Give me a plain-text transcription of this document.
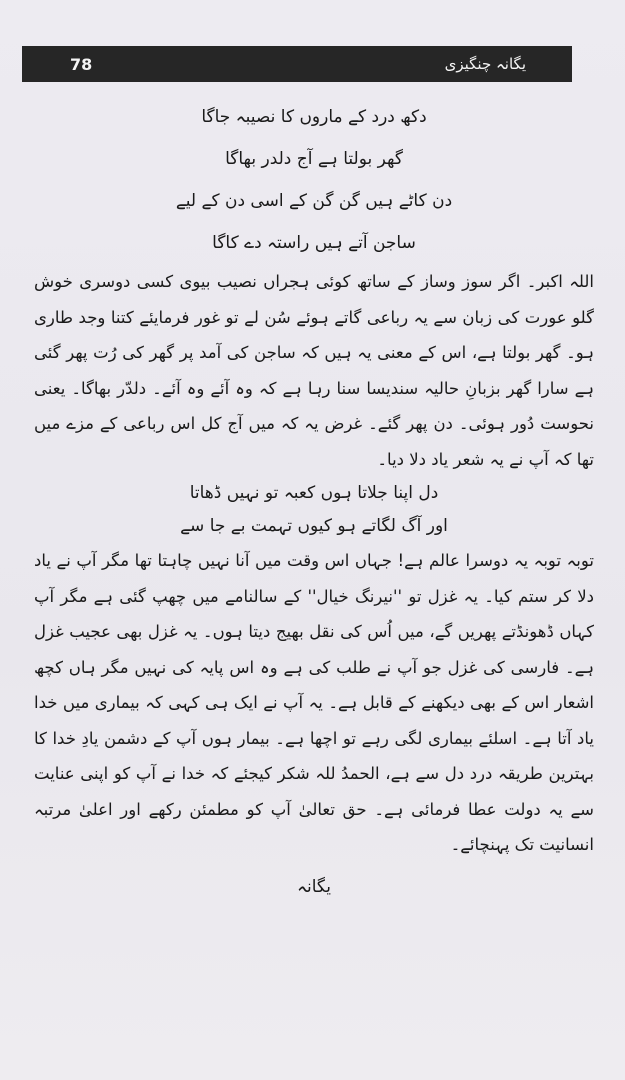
78	یگانہ چنگیزی
دکھ درد کے ماروں کا نصیبہ جاگا
گھر بولتا ہے آج دلدر بھاگا
دن کاٹے ہیں گن گن کے اسی دن کے لیے
ساجن آتے ہیں راستہ دے کاگا

اللہ اکبر۔ اگر سوز وساز کے ساتھ کوئی ہجراں نصیب بیوی کسی دوسری خوش گلو عورت کی زبان سے یہ رباعی گاتے ہوئے سُن لے تو غور فرمایئے کتنا وجد طاری ہو۔ گھر بولتا ہے، اس کے معنی یہ ہیں کہ ساجن کی آمد پر گھر کی رُت پھر گئی ہے سارا گھر بزبانِ حالیہ سندیسا سنا رہا ہے کہ وہ آئے وہ آئے۔ دلدّر بھاگا۔ یعنی نحوست دُور ہوئی۔ دن پھر گئے۔ غرض یہ کہ میں آج کل اس رباعی کے مزے میں تھا کہ آپ نے یہ شعر یاد دلا دیا۔

دل اپنا جلاتا ہوں کعبہ تو نہیں ڈھاتا
اور آگ لگاتے ہو کیوں تہمت بے جا سے

توبہ توبہ یہ دوسرا عالم ہے! جہاں اس وقت میں آنا نہیں چاہتا تھا مگر آپ نے یاد دلا کر ستم کیا۔ یہ غزل تو ''نیرنگ خیال'' کے سالنامے میں چھپ گئی ہے مگر آپ کہاں ڈھونڈتے پھریں گے، میں اُس کی نقل بھیج دیتا ہوں۔ یہ غزل بھی عجیب غزل ہے۔ فارسی کی غزل جو آپ نے طلب کی ہے وہ اس پایہ کی نہیں مگر ہاں کچھ اشعار اس کے بھی دیکھنے کے قابل ہے۔ یہ آپ نے ایک ہی کہی کہ بیماری میں خدا یاد آتا ہے۔ اسلئے بیماری لگی رہے تو اچھا ہے۔ بیمار ہوں آپ کے دشمن یادِ خدا کا بہترین طریقہ درد دل سے ہے، الحمدُ للہ شکر کیجئے کہ خدا نے آپ کو اپنی عنایت سے یہ دولت عطا فرمائی ہے۔ حق تعالیٰ آپ کو مطمئن رکھے اور اعلیٰ مرتبہ انسانیت تک پہنچائے۔

یگانہ
